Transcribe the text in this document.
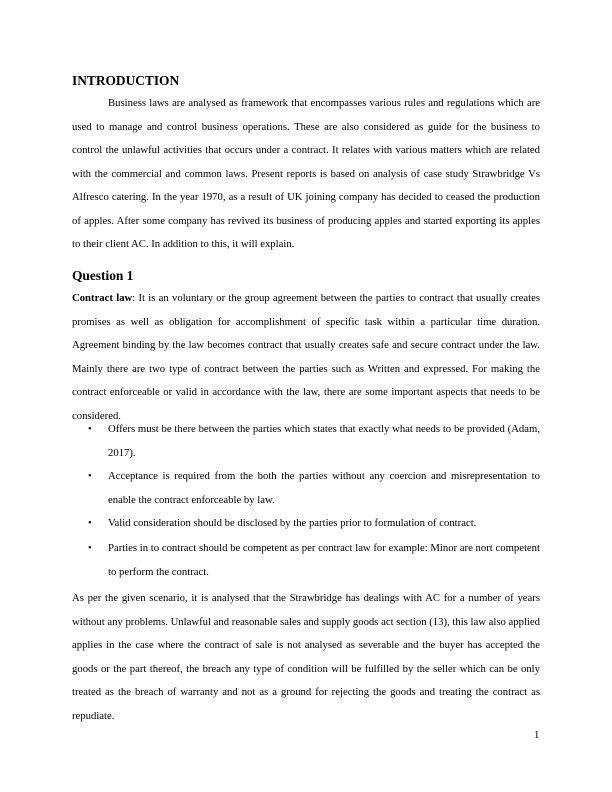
INTRODUCTION
Business laws are analysed as framework that encompasses various rules and regulations which are used to manage and control business operations. These are also considered as guide for the business to control the unlawful activities that occurs under a contract. It relates with various matters which are related with the commercial and common laws. Present reports is based on analysis of case study Strawbridge Vs Alfresco catering. In the year 1970, as a result of UK joining company has decided to ceased the production of apples. After some company has revived its business of producing apples and started exporting its apples to their client AC. In addition to this, it will explain.
Question 1
Contract law: It is an voluntary or the group agreement between the parties to contract that usually creates promises as well as obligation for accomplishment of specific task within a particular time duration. Agreement binding by the law becomes contract that usually creates safe and secure contract under the law. Mainly there are two type of contract between the parties such as Written and expressed. For making the contract enforceable or valid in accordance with the law, there are some important aspects that needs to be considered.
• Offers must be there between the parties which states that exactly what needs to be provided (Adam, 2017).
• Acceptance is required from the both the parties without any coercion and misrepresentation to enable the contract enforceable by law.
• Valid consideration should be disclosed by the parties prior to formulation of contract.
• Parties in to contract should be competent as per contract law for example: Minor are nort competent to perform the contract.
As per the given scenario, it is analysed that the Strawbridge has dealings with AC for a number of years without any problems. Unlawful and reasonable sales and supply goods act section (13), this law also applied applies in the case where the contract of sale is not analysed as severable and the buyer has accepted the goods or the part thereof, the breach any type of condition will be fulfilled by the seller which can be only treated as the breach of warranty and not as a ground for rejecting the goods and treating the contract as repudiate.
1
